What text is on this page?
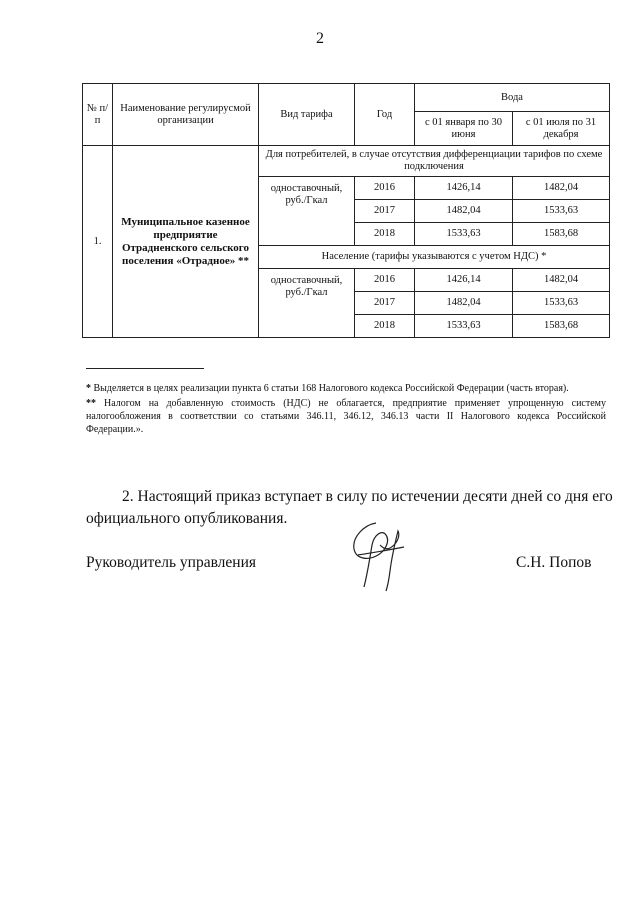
2
№ п/п	Наименование регулирусмой организации	Вид тарифа	Год	Вода	
				с 01 января по 30 июня	с 01 июля по 31 декабря
1.	Муниципальное казенное предприятие Отрадненского сельского поселения «Отрадное» **	Для потребителей, в случае отсутствия дифференциации тарифов по схеме подключения			
		одноставочный, руб./Гкал	2016	1426,14	1482,04
			2017	1482,04	1533,63
			2018	1533,63	1583,68
		Население (тарифы указываются с учетом НДС) *			
		одноставочный, руб./Гкал	2016	1426,14	1482,04
			2017	1482,04	1533,63
			2018	1533,63	1583,68

* Выделяется в целях реализации пункта 6 статьи 168 Налогового кодекса Российской Федерации (часть вторая).

** Налогом на добавленную стоимость (НДС) не облагается, предприятие применяет упрощенную систему налогообложения в соответствии со статьями 346.11, 346.12, 346.13 части II Налогового кодекса Российской Федерации.».

2. Настоящий приказ вступает в силу по истечении десяти дней со дня его официального опубликования.
Руководитель управления	С.Н. Попов
